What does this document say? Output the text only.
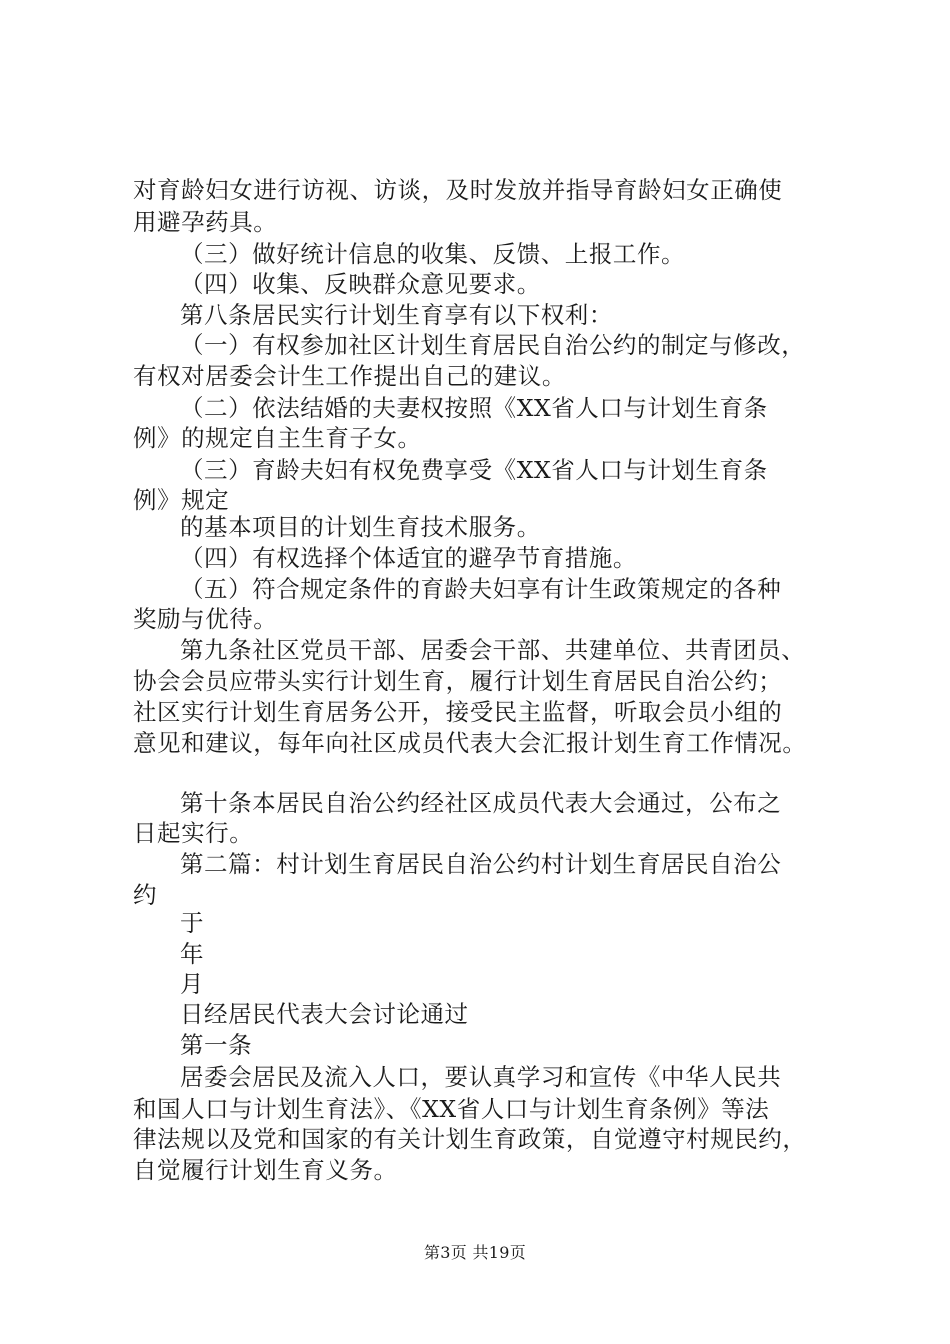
对育龄妇女进行访视、访谈，及时发放并指导育龄妇女正确使
用避孕药具。
（三）做好统计信息的收集、反馈、上报工作。
（四）收集、反映群众意见要求。
第八条居民实行计划生育享有以下权利：
（一）有权参加社区计划生育居民自治公约的制定与修改，
有权对居委会计生工作提出自己的建议。
（二）依法结婚的夫妻权按照《XX省人口与计划生育条
例》的规定自主生育子女。
（三）育龄夫妇有权免费享受《XX省人口与计划生育条
例》规定
的基本项目的计划生育技术服务。
（四）有权选择个体适宜的避孕节育措施。
（五）符合规定条件的育龄夫妇享有计生政策规定的各种
奖励与优待。
第九条社区党员干部、居委会干部、共建单位、共青团员、
协会会员应带头实行计划生育，履行计划生育居民自治公约；
社区实行计划生育居务公开，接受民主监督，听取会员小组的
意见和建议，每年向社区成员代表大会汇报计划生育工作情况。
第十条本居民自治公约经社区成员代表大会通过，公布之
日起实行。
第二篇：村计划生育居民自治公约村计划生育居民自治公
约
于
年
月
日经居民代表大会讨论通过
第一条
居委会居民及流入人口，要认真学习和宣传《中华人民共
和国人口与计划生育法》、《XX省人口与计划生育条例》等法
律法规以及党和国家的有关计划生育政策，自觉遵守村规民约，
自觉履行计划生育义务。
第3页 共19页
